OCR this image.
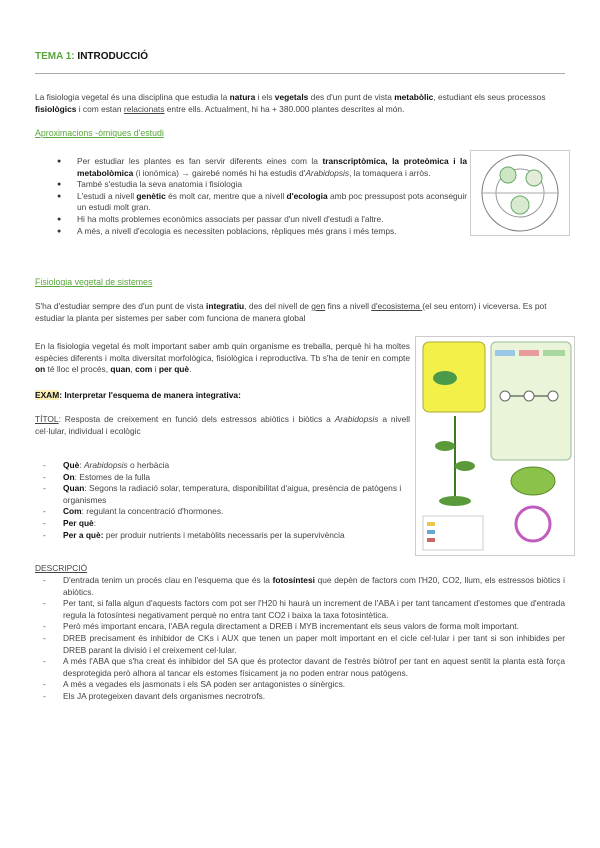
TEMA 1: INTRODUCCIÓ
La fisiologia vegetal és una disciplina que estudia la natura i els vegetals des d'un punt de vista metabòlic, estudiant els seus processos fisiològics i com estan relacionats entre ells. Actualment, hi ha + 380.000 plantes descrites al món.
Aproximacions -òmiques d'estudi
● Per estudiar les plantes es fan servir diferents eines com la transcriptòmica, la proteòmica i la metabolòmica (i ionòmica) → gairebé només hi ha estudis d'Arabidopsis, la tomaquera i arròs.
● També s'estudia la seva anatomia i fisiologia
● L'estudi a nivell genètic és molt car, mentre que a nivell d'ecologia amb poc pressupost pots aconseguir un estudi molt gran.
● Hi ha molts problemes econòmics associats per passar d'un nivell d'estudi a l'altre.
● A més, a nivell d'ecologia es necessiten poblacions, rèpliques més grans i més temps.
Fisiologia vegetal de sistemes
S'ha d'estudiar sempre des d'un punt de vista integratiu, des del nivell de gen fins a nivell d'ecosistema (el seu entorn) i viceversa. Es pot estudiar la planta per sistemes per saber com funciona de manera global
En la fisiologia vegetal és molt important saber amb quin organisme es treballa, perquè hi ha moltes espècies diferents i molta diversitat morfològica, fisiològica i reproductiva. Tb s'ha de tenir en compte on té lloc el procés, quan, com i per què.
EXAM: Interpretar l'esquema de manera integrativa:
TÍTOL: Resposta de creixement en funció dels estressos abiòtics i biòtics a Arabidopsis a nivell cel·lular, individual i ecològic
- Què: Arabidopsis o herbàcia
- On: Estomes de la fulla
- Quan: Segons la radiació solar, temperatura, disponibilitat d'aigua, presència de patògens i organismes
- Com: regulant la concentració d'hormones.
- Per què:
- Per a què: per produir nutrients i metabòlits necessaris per la supervivència
DESCRIPCIÓ
- D'entrada tenim un procés clau en l'esquema que és la fotosíntesi que depèn de factors com l'H20, CO2, llum, els estressos biòtics i abiòtics.
- Per tant, si falla algun d'aquests factors com pot ser l'H20 hi haurà un increment de l'ABA i per tant tancament d'estomes que d'entrada regula la fotosíntesi negativament perquè no entra tant CO2 i baixa la taxa fotosintètica.
- Però més important encara, l'ABA regula directament a DREB i MYB incrementant els seus valors de forma molt important.
- DREB precisament és inhibidor de CKs i AUX que tenen un paper molt important en el cicle cel·lular i per tant si son inhibides per DREB parant la divisió i el creixement cel·lular.
- A més l'ABA que s'ha creat és inhibidor del SA que és protector davant de l'estrès biòtrof per tant en aquest sentit la planta està força desprotegida però alhora al tancar els estomes físicament ja no poden entrar nous patògens.
- A més a vegades els jasmonats i els SA poden ser antagonistes o sinèrgics.
- Els JA protegeixen davant dels organismes necrotrofs.
